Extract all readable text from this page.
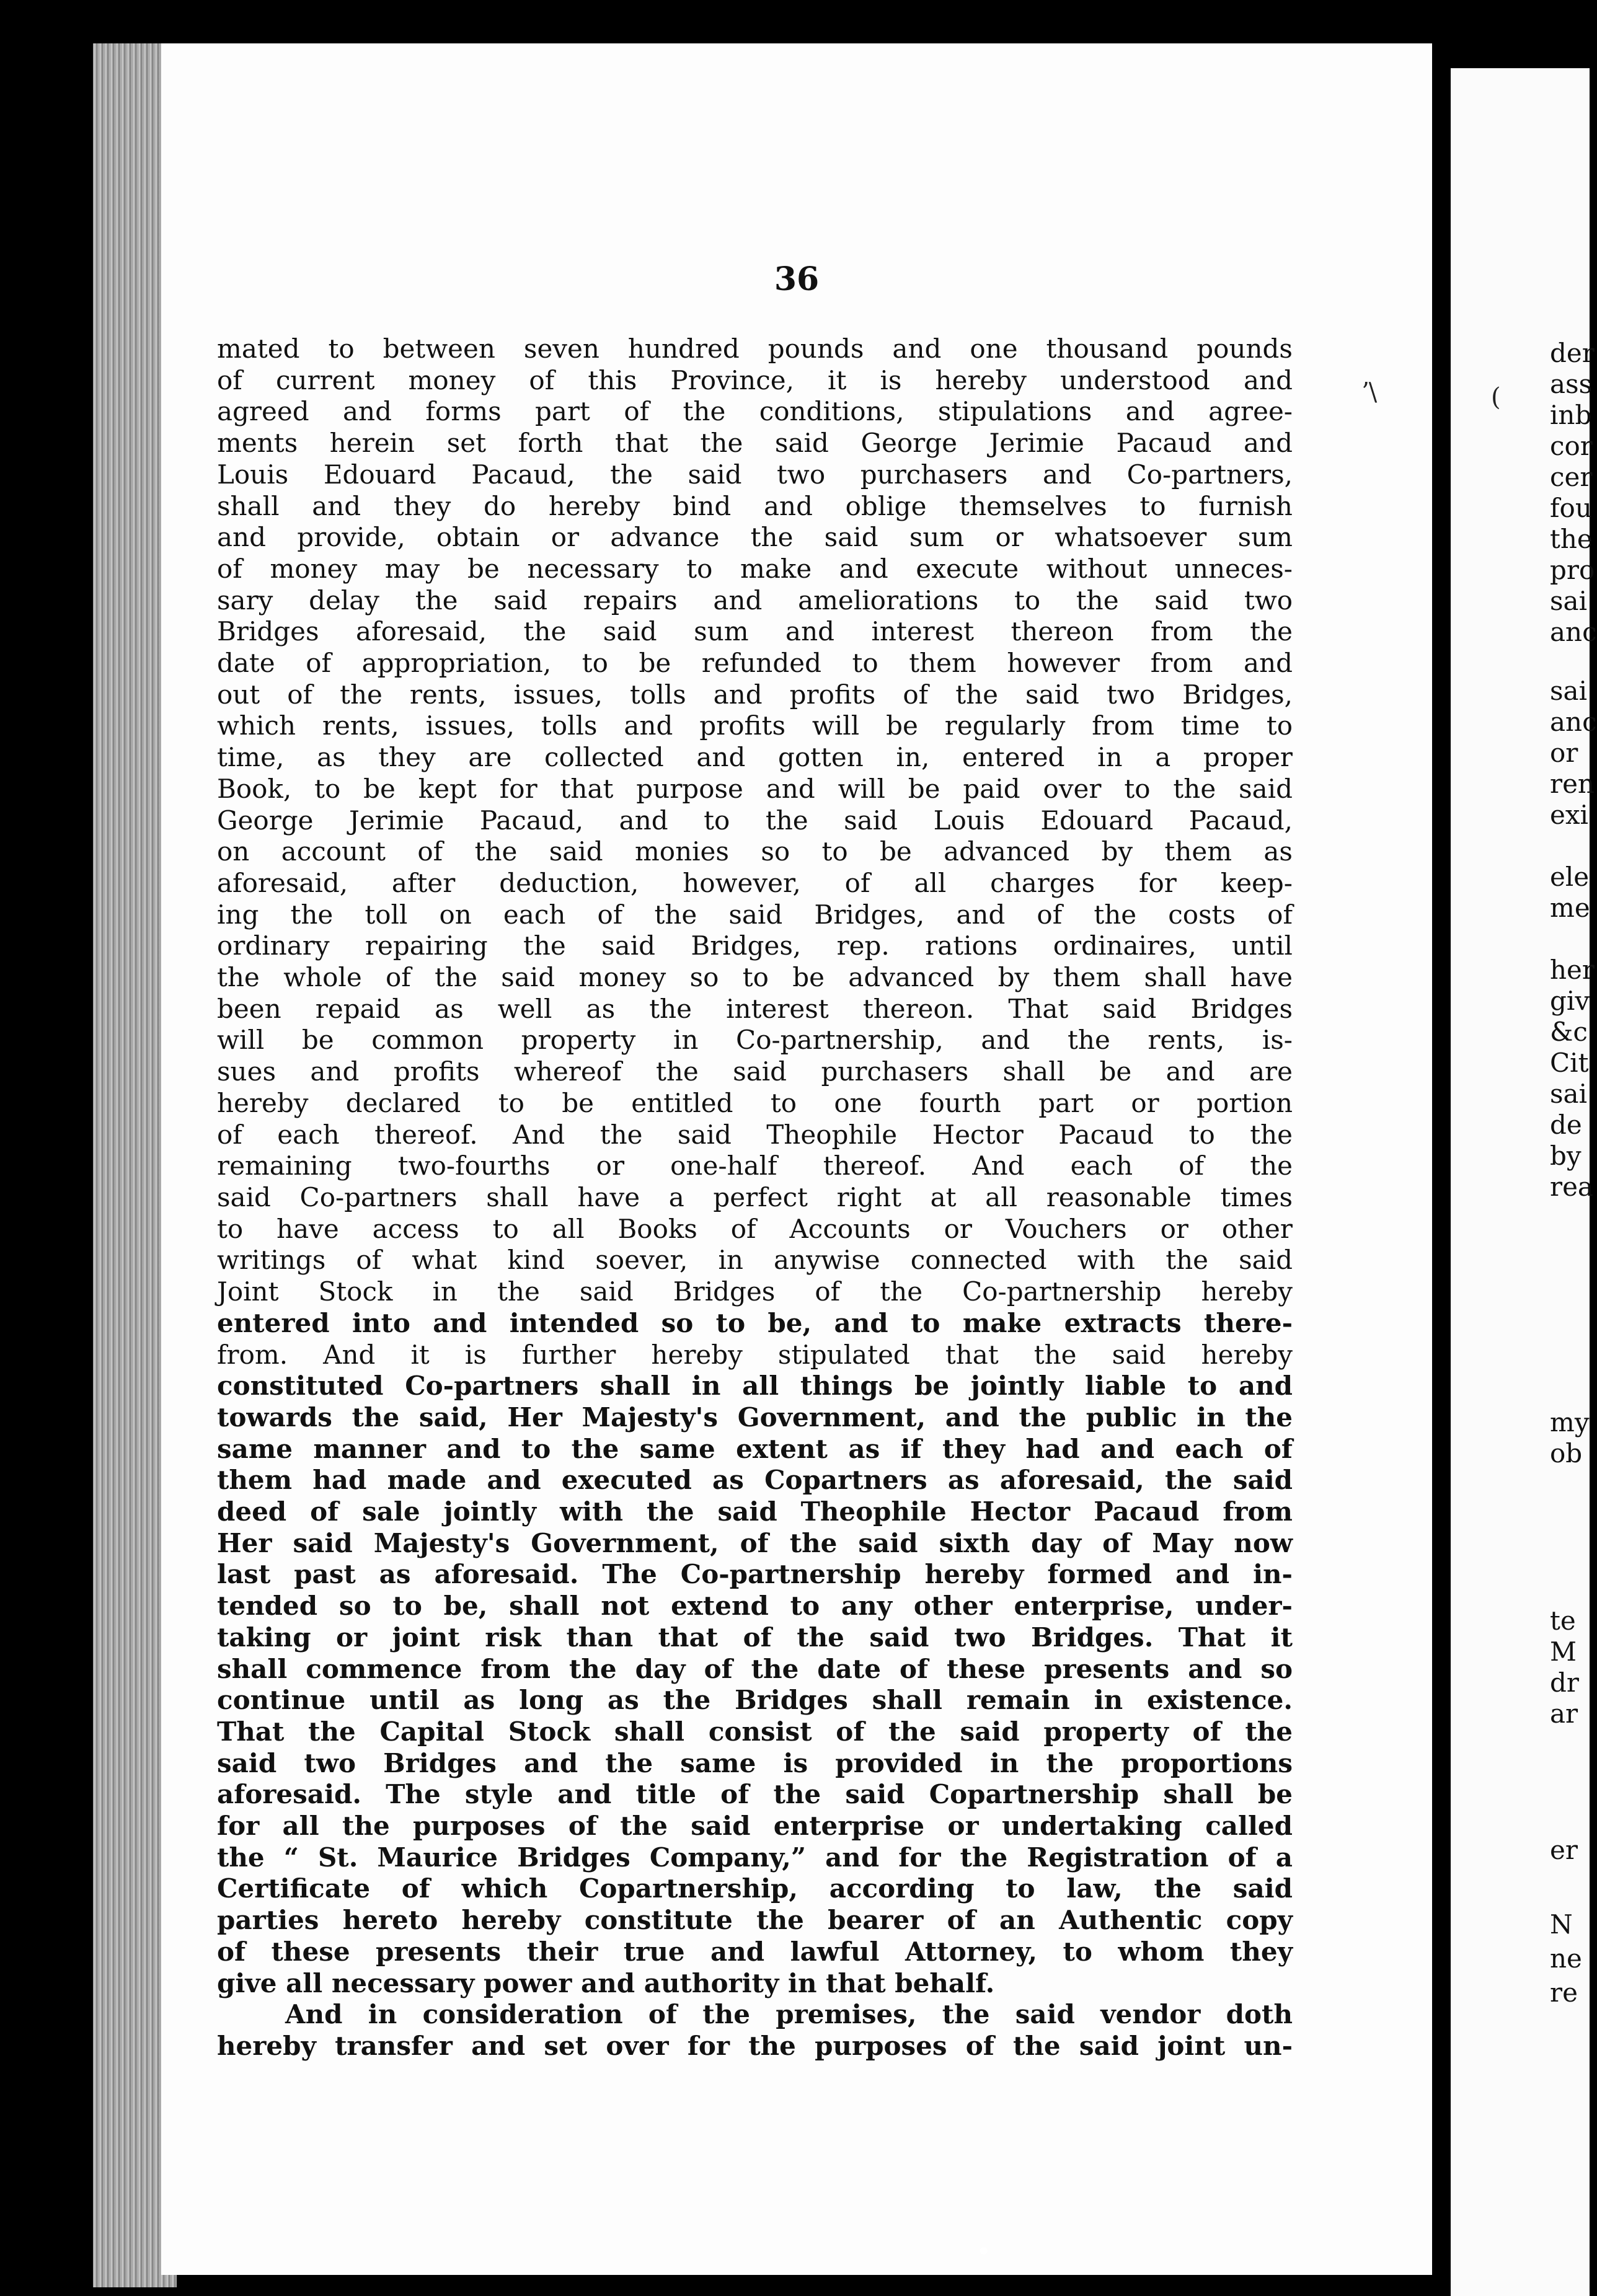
36
mated to between seven hundred pounds and one thousand pounds
of current money of this Province, it is hereby understood and
agreed and forms part of the conditions, stipulations and agree-
ments herein set forth that the said George Jerimie Pacaud and
Louis Edouard Pacaud, the said two purchasers and Co-partners,
shall and they do hereby bind and oblige themselves to furnish
and provide, obtain or advance the said sum or whatsoever sum
of money may be necessary to make and execute without unneces-
sary delay the said repairs and ameliorations to the said two
Bridges aforesaid, the said sum and interest thereon from the
date of appropriation, to be refunded to them however from and
out of the rents, issues, tolls and profits of the said two Bridges,
which rents, issues, tolls and profits will be regularly from time to
time, as they are collected and gotten in, entered in a proper
Book, to be kept for that purpose and will be paid over to the said
George Jerimie Pacaud, and to the said Louis Edouard Pacaud,
on account of the said monies so to be advanced by them as
aforesaid, after deduction, however, of all charges for keep-
ing the toll on each of the said Bridges, and of the costs of
ordinary repairing the said Bridges, rep. rations ordinaires, until
the whole of the said money so to be advanced by them shall have
been repaid as well as the interest thereon. That said Bridges
will be common property in Co-partnership, and the rents, is-
sues and profits whereof the said purchasers shall be and are
hereby declared to be entitled to one fourth part or portion
of each thereof. And the said Theophile Hector Pacaud to the
remaining two-fourths or one-half thereof. And each of the
said Co-partners shall have a perfect right at all reasonable times
to have access to all Books of Accounts or Vouchers or other
writings of what kind soever, in anywise connected with the said
Joint Stock in the said Bridges of the Co-partnership hereby
entered into and intended so to be, and to make extracts there-
from. And it is further hereby stipulated that the said hereby
constituted Co-partners shall in all things be jointly liable to and
towards the said, Her Majesty's Government, and the public in the
same manner and to the same extent as if they had and each of
them had made and executed as Copartners as aforesaid, the said
deed of sale jointly with the said Theophile Hector Pacaud from
Her said Majesty's Government, of the said sixth day of May now
last past as aforesaid. The Co-partnership hereby formed and in-
tended so to be, shall not extend to any other enterprise, under-
taking or joint risk than that of the said two Bridges. That it
shall commence from the day of the date of these presents and so
continue until as long as the Bridges shall remain in existence.
That the Capital Stock shall consist of the said property of the
said two Bridges and the same is provided in the proportions
aforesaid. The style and title of the said Copartnership shall be
for all the purposes of the said enterprise or undertaking called
the “ St. Maurice Bridges Company,” and for the Registration of a
Certificate of which Copartnership, according to law, the said
parties hereto hereby constitute the bearer of an Authentic copy
of these presents their true and lawful Attorney, to whom they
give all necessary power and authority in that behalf.
And in consideration of the premises, the said vendor doth
hereby transfer and set over for the purposes of the said joint un-
der
ass
inb
cor
cer
fou
the
pro
sai
anc
sai
anc
or
ren
exi
ele
me
her
giv
&c
Cit
sai
de
by
rea
my
ob
te
M
dr
ar
er
N
ne
re
ʼ\	(
•
